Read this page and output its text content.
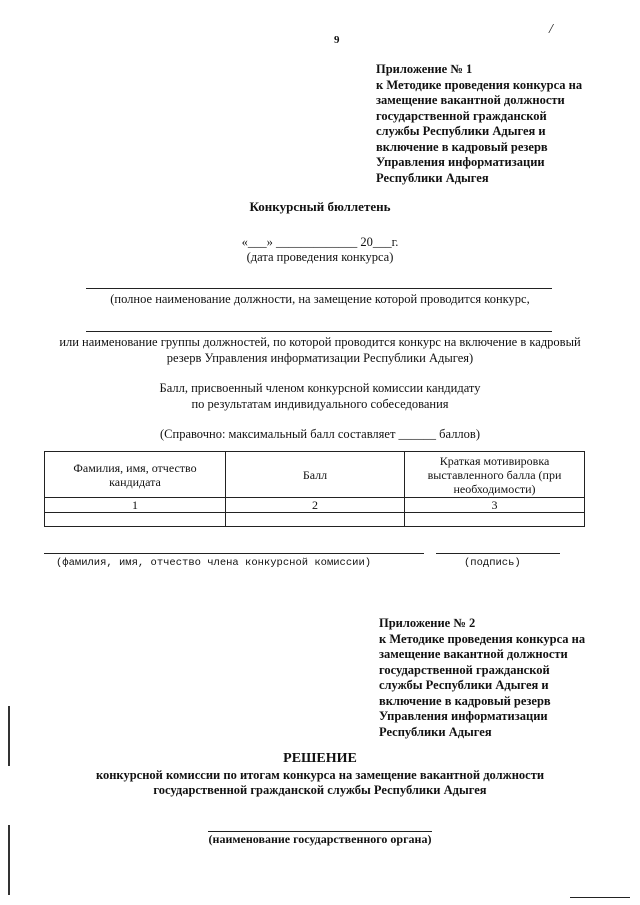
9
/
Приложение № 1
к Методике проведения конкурса на
замещение вакантной должности
государственной гражданской
службы Республики Адыгея и
включение в кадровый резерв
Управления информатизации
Республики Адыгея
Конкурсный бюллетень
«___» _____________ 20___г.
(дата проведения конкурса)
(полное наименование должности, на замещение которой проводится конкурс,
или наименование группы должностей, по которой проводится конкурс на включение в кадровый
резерв Управления информатизации Республики Адыгея)
Балл, присвоенный членом конкурсной комиссии кандидату
по результатам индивидуального собеседования
(Справочно: максимальный балл составляет ______ баллов)
Фамилия, имя, отчество кандидата	Балл	Краткая мотивировка выставленного балла (при необходимости)
1	2	3

(фамилия, имя, отчество члена конкурсной комиссии)	(подпись)
Приложение № 2
к Методике проведения конкурса на
замещение вакантной должности
государственной гражданской
службы Республики Адыгея и
включение в кадровый резерв
Управления информатизации
Республики Адыгея
РЕШЕНИЕ
конкурсной комиссии по итогам конкурса на замещение вакантной должности
государственной гражданской службы Республики Адыгея
(наименование государственного органа)
